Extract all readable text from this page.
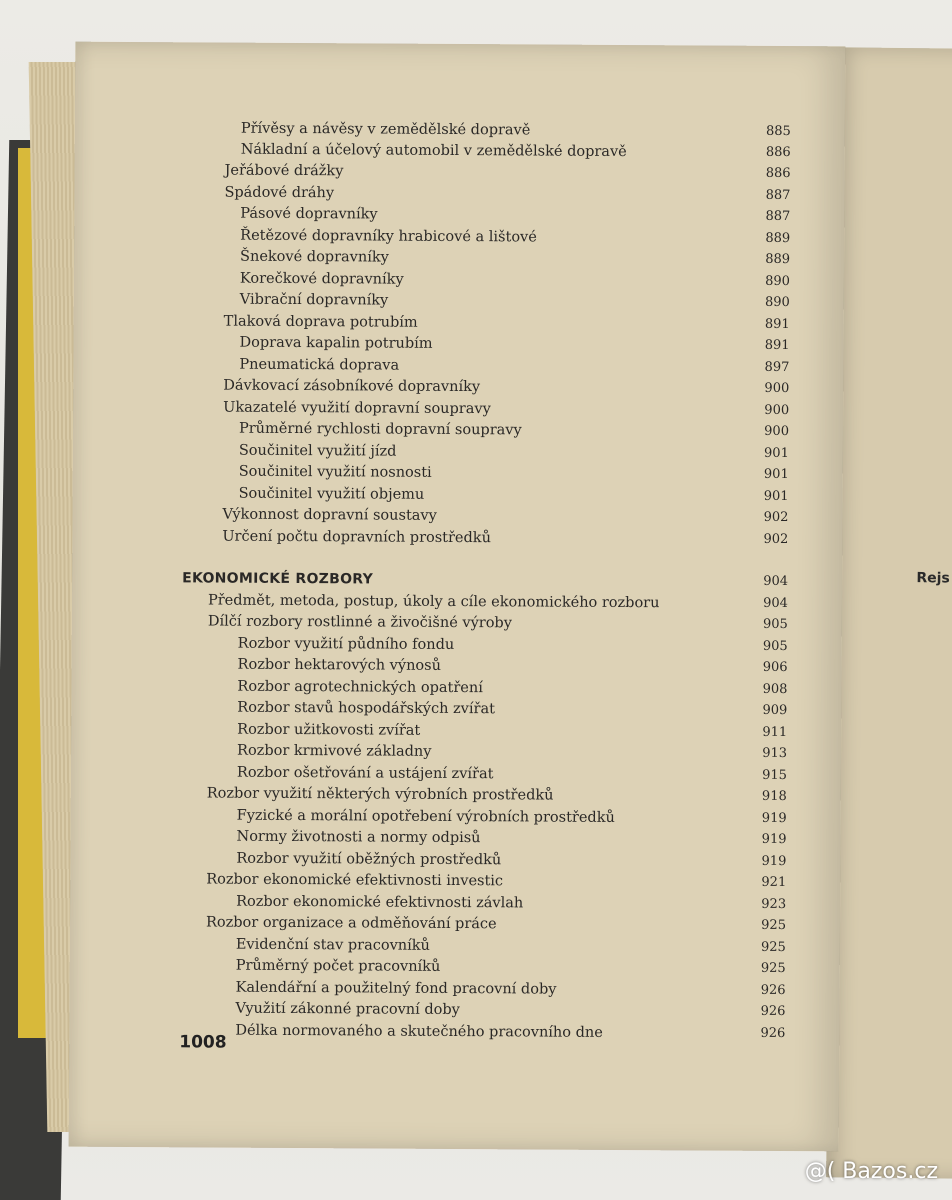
Rejs
Přívěsy a návěsy v zemědělské dopravě	885
Nákladní a účelový automobil v zemědělské dopravě	886
Jeřábové drážky	886
Spádové dráhy	887
Pásové dopravníky	887
Řetězové dopravníky hrabicové a lištové	889
Šnekové dopravníky	889
Korečkové dopravníky	890
Vibrační dopravníky	890
Tlaková doprava potrubím	891
Doprava kapalin potrubím	891
Pneumatická doprava	897
Dávkovací zásobníkové dopravníky	900
Ukazatelé využití dopravní soupravy	900
Průměrné rychlosti dopravní soupravy	900
Součinitel využití jízd	901
Součinitel využití nosnosti	901
Součinitel využití objemu	901
Výkonnost dopravní soustavy	902
Určení počtu dopravních prostředků	902
EKONOMICKÉ ROZBORY	904
Předmět, metoda, postup, úkoly a cíle ekonomického rozboru	904
Dílčí rozbory rostlinné a živočišné výroby	905
Rozbor využití půdního fondu	905
Rozbor hektarových výnosů	906
Rozbor agrotechnických opatření	908
Rozbor stavů hospodářských zvířat	909
Rozbor užitkovosti zvířat	911
Rozbor krmivové základny	913
Rozbor ošetřování a ustájení zvířat	915
Rozbor využití některých výrobních prostředků	918
Fyzické a morální opotřebení výrobních prostředků	919
Normy životnosti a normy odpisů	919
Rozbor využití oběžných prostředků	919
Rozbor ekonomické efektivnosti investic	921
Rozbor ekonomické efektivnosti závlah	923
Rozbor organizace a odměňování práce	925
Evidenční stav pracovníků	925
Průměrný počet pracovníků	925
Kalendářní a použitelný fond pracovní doby	926
Využití zákonné pracovní doby	926
Délka normovaného a skutečného pracovního dne	926
1008
@( Bazos.cz
